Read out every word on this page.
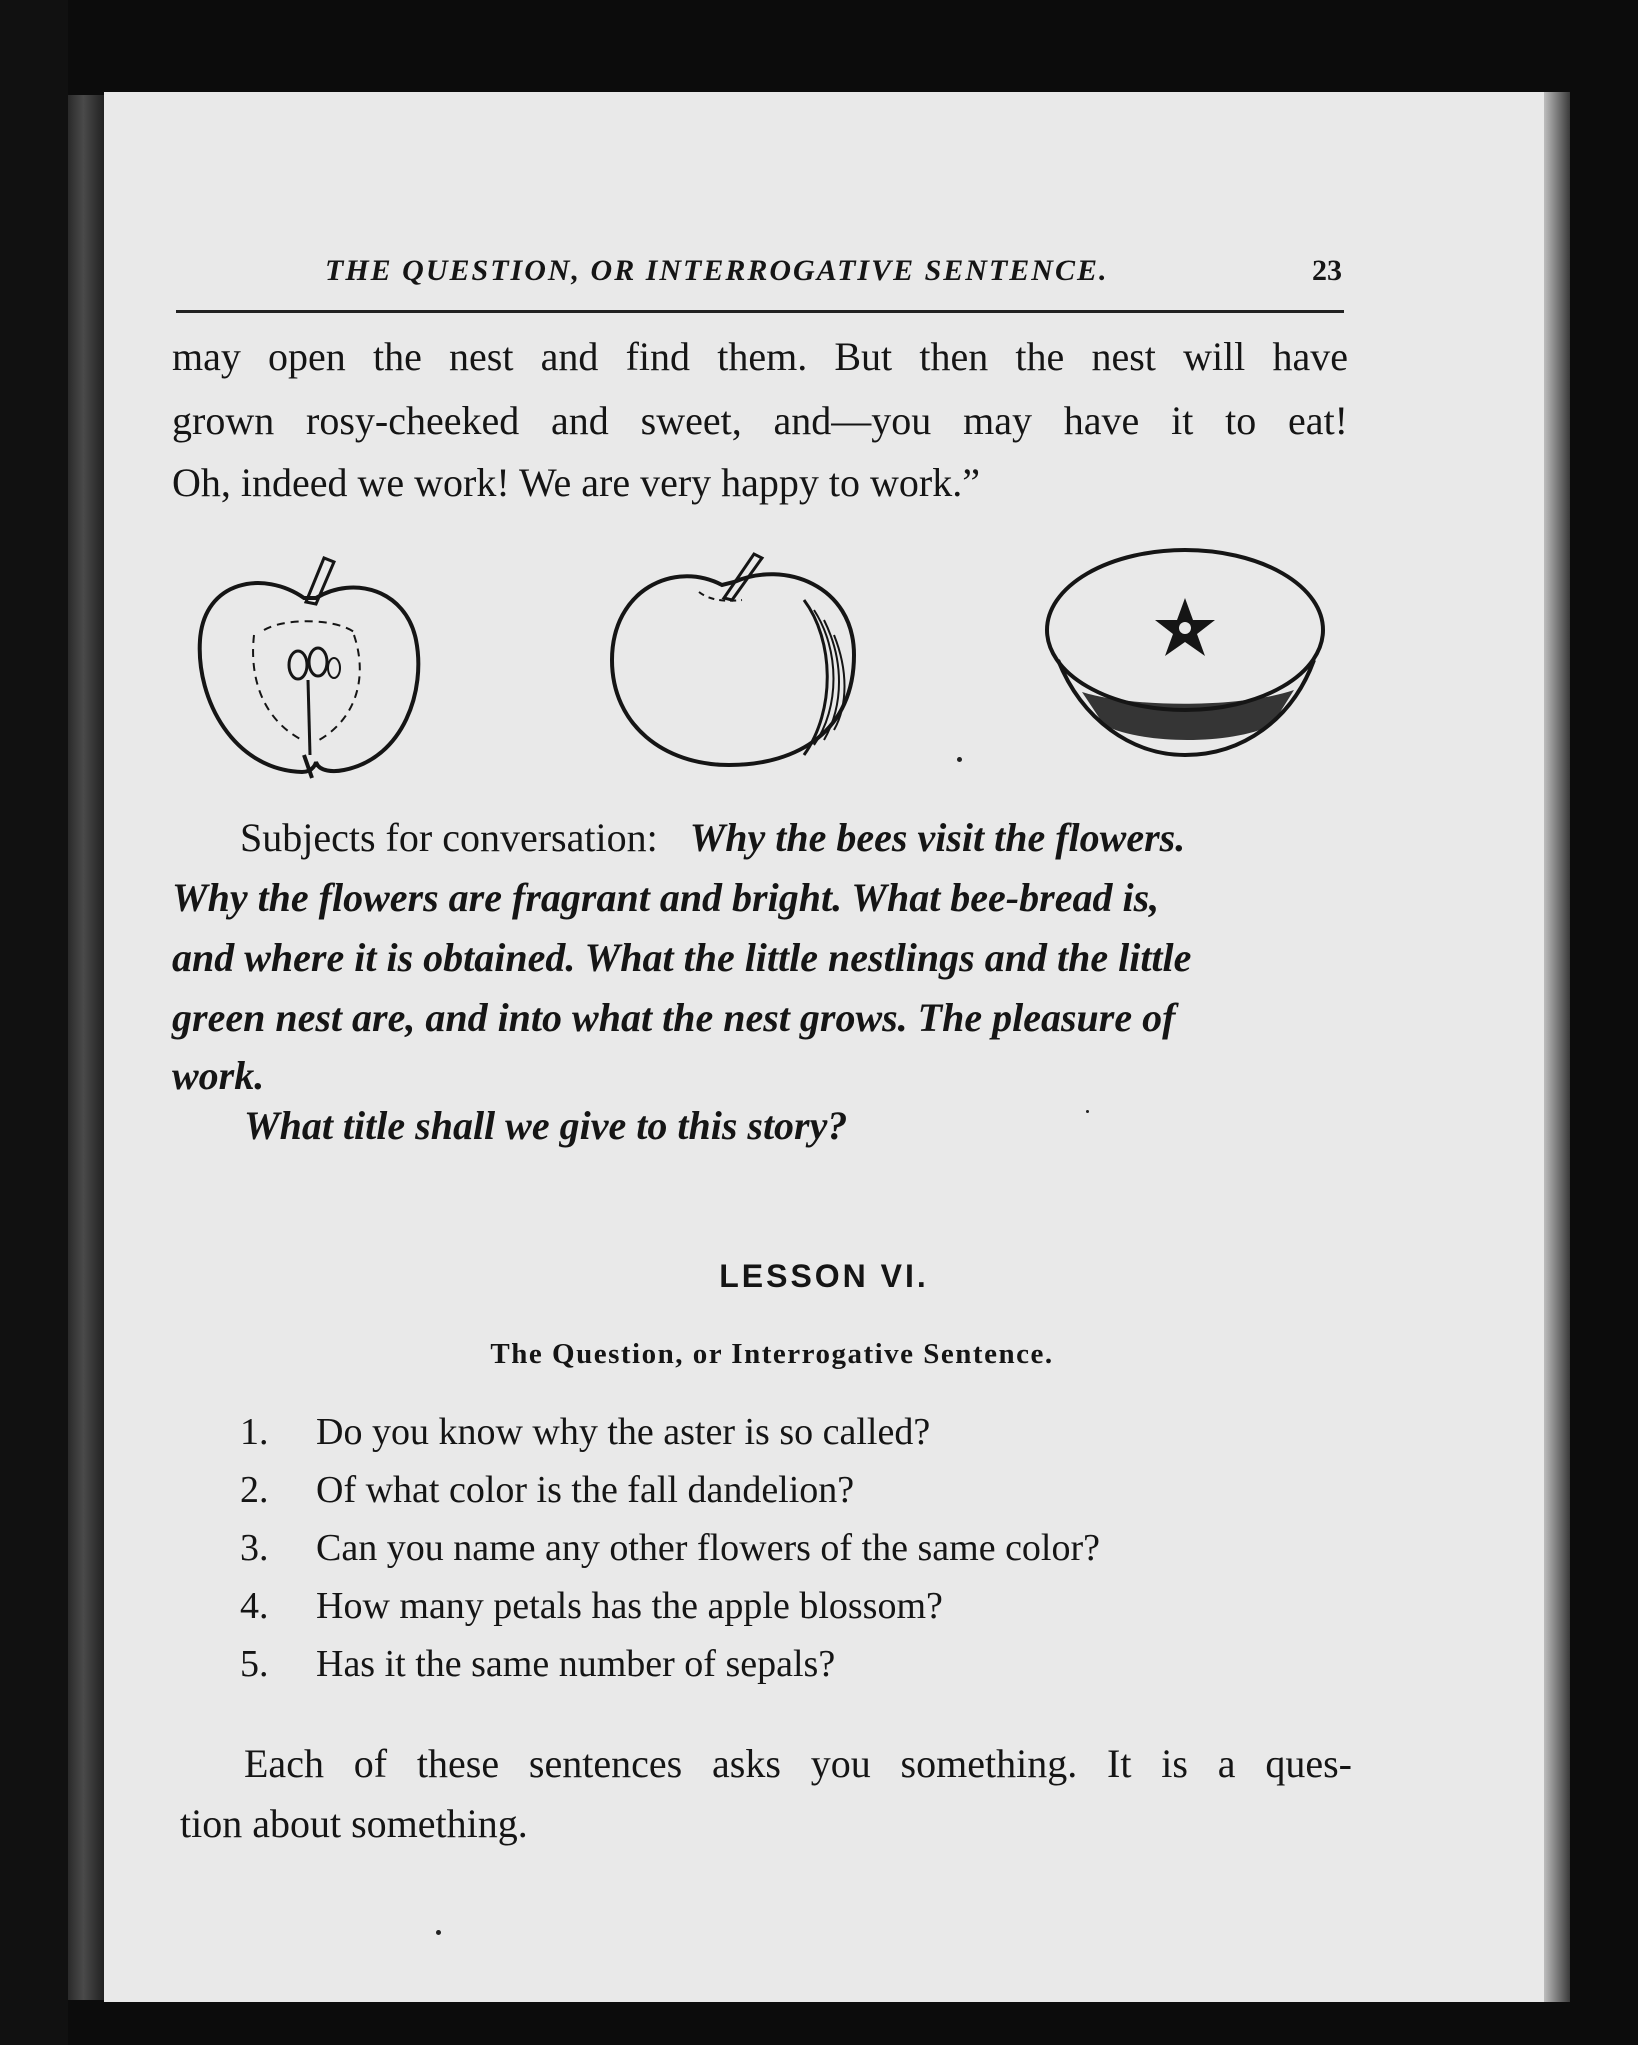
THE QUESTION, OR INTERROGATIVE SENTENCE.	23

may open the nest and find them. But then the nest will have

grown rosy-cheeked and sweet, and—you may have it to eat!

Oh, indeed we work! We are very happy to work.”

Subjects for conversation: Why the bees visit the flowers.
Why the flowers are fragrant and bright. What bee-bread is,
and where it is obtained. What the little nestlings and the little
green nest are, and into what the nest grows. The pleasure of
work.
What title shall we give to this story?
LESSON VI.
The Question, or Interrogative Sentence.
1.	Do you know why the aster is so called?
2.	Of what color is the fall dandelion?
3.	Can you name any other flowers of the same color?
4.	How many petals has the apple blossom?
5.	Has it the same number of sepals?
Each of these sentences asks you something. It is a ques-
tion about something.
